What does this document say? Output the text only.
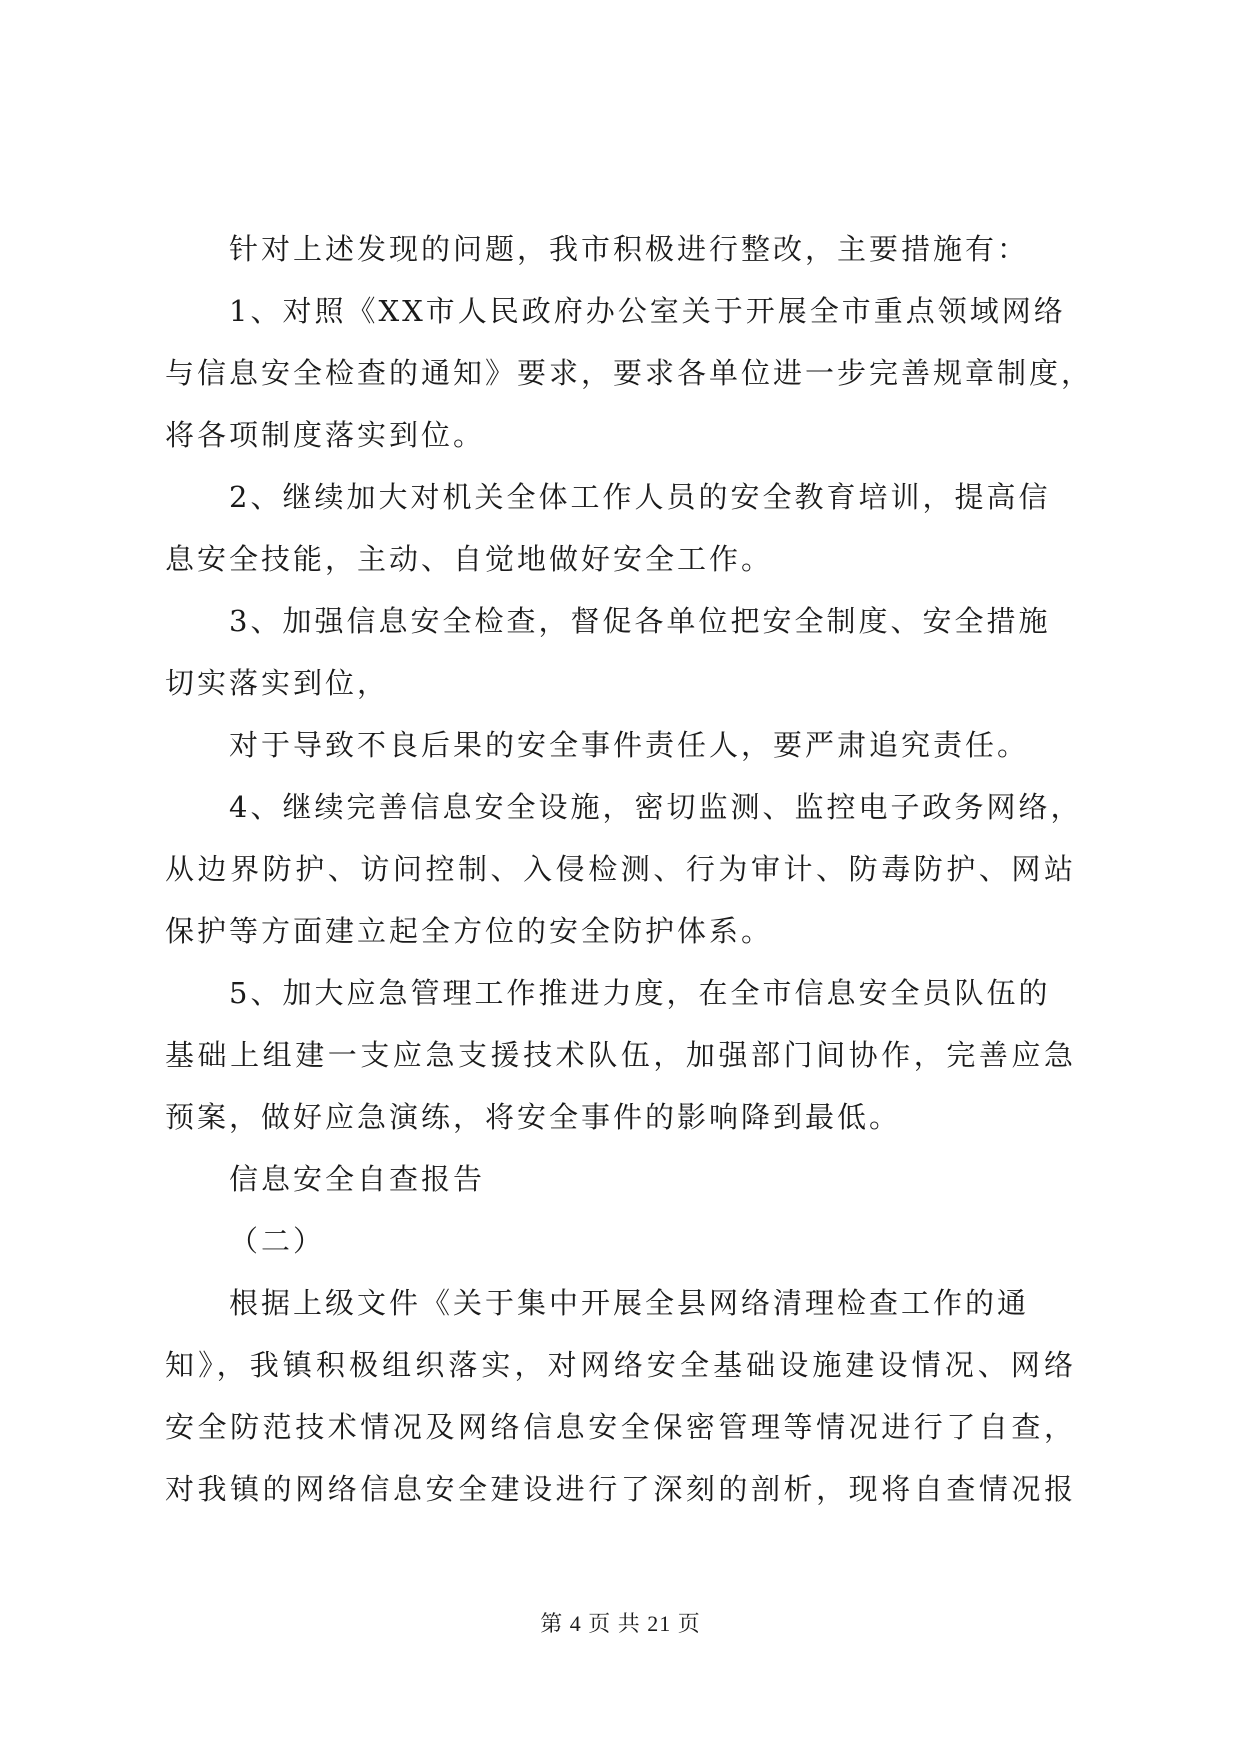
针对上述发现的问题，我市积极进行整改，主要措施有：
1、对照《XX市人民政府办公室关于开展全市重点领域网络
与信息安全检查的通知》要求，要求各单位进一步完善规章制度，
将各项制度落实到位。
2、继续加大对机关全体工作人员的安全教育培训，提高信
息安全技能，主动、自觉地做好安全工作。
3、加强信息安全检查，督促各单位把安全制度、安全措施
切实落实到位，
对于导致不良后果的安全事件责任人，要严肃追究责任。
4、继续完善信息安全设施，密切监测、监控电子政务网络，
从边界防护、访问控制、入侵检测、行为审计、防毒防护、网站
保护等方面建立起全方位的安全防护体系。
5、加大应急管理工作推进力度，在全市信息安全员队伍的
基础上组建一支应急支援技术队伍，加强部门间协作，完善应急
预案，做好应急演练，将安全事件的影响降到最低。
信息安全自查报告
（二）
根据上级文件《关于集中开展全县网络清理检查工作的通
知》，我镇积极组织落实，对网络安全基础设施建设情况、网络
安全防范技术情况及网络信息安全保密管理等情况进行了自查，
对我镇的网络信息安全建设进行了深刻的剖析，现将自查情况报
第 4 页 共 21 页
